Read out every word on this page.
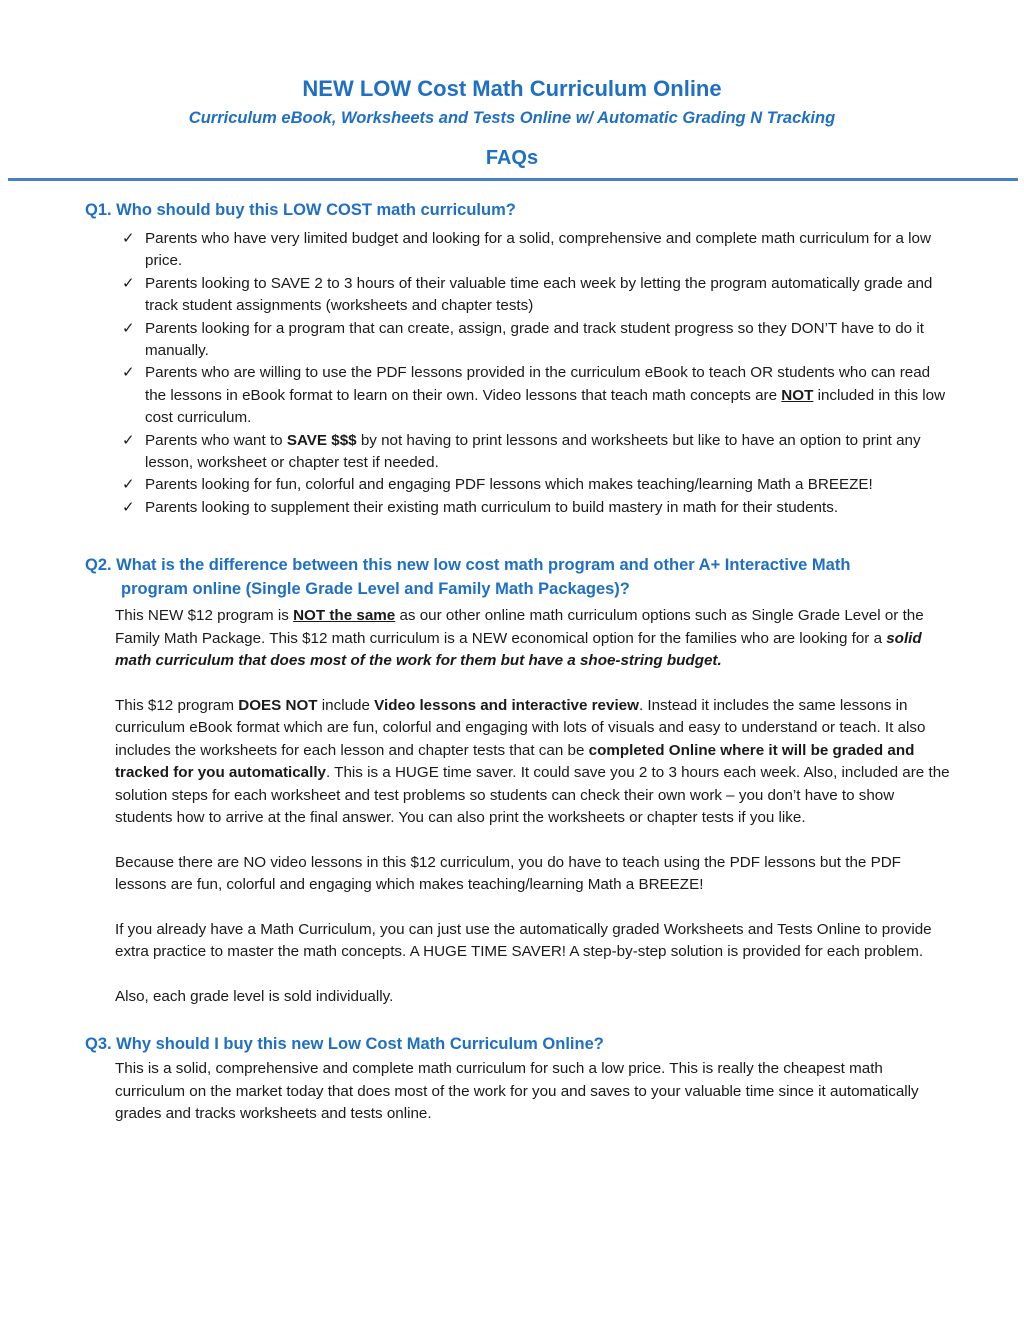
NEW LOW Cost Math Curriculum Online

Curriculum eBook, Worksheets and Tests Online w/ Automatic Grading N Tracking

FAQs

Q1. Who should buy this LOW COST math curriculum?

✓ Parents who have very limited budget and looking for a solid, comprehensive and complete math curriculum for a low price.
✓ Parents looking to SAVE 2 to 3 hours of their valuable time each week by letting the program automatically grade and track student assignments (worksheets and chapter tests)
✓ Parents looking for a program that can create, assign, grade and track student progress so they DON’T have to do it manually.
✓ Parents who are willing to use the PDF lessons provided in the curriculum eBook to teach OR students who can read the lessons in eBook format to learn on their own. Video lessons that teach math concepts are NOT included in this low cost curriculum.
✓ Parents who want to SAVE $$$ by not having to print lessons and worksheets but like to have an option to print any lesson, worksheet or chapter test if needed.
✓ Parents looking for fun, colorful and engaging PDF lessons which makes teaching/learning Math a BREEZE!
✓ Parents looking to supplement their existing math curriculum to build mastery in math for their students.

Q2. What is the difference between this new low cost math program and other A+ Interactive Math
program online (Single Grade Level and Family Math Packages)?

This NEW $12 program is NOT the same as our other online math curriculum options such as Single Grade Level or the Family Math Package. This $12 math curriculum is a NEW economical option for the families who are looking for a solid math curriculum that does most of the work for them but have a shoe-string budget.

This $12 program DOES NOT include Video lessons and interactive review. Instead it includes the same lessons in curriculum eBook format which are fun, colorful and engaging with lots of visuals and easy to understand or teach. It also includes the worksheets for each lesson and chapter tests that can be completed Online where it will be graded and tracked for you automatically. This is a HUGE time saver. It could save you 2 to 3 hours each week. Also, included are the solution steps for each worksheet and test problems so students can check their own work – you don’t have to show students how to arrive at the final answer. You can also print the worksheets or chapter tests if you like.

Because there are NO video lessons in this $12 curriculum, you do have to teach using the PDF lessons but the PDF lessons are fun, colorful and engaging which makes teaching/learning Math a BREEZE!

If you already have a Math Curriculum, you can just use the automatically graded Worksheets and Tests Online to provide extra practice to master the math concepts. A HUGE TIME SAVER! A step-by-step solution is provided for each problem.

Also, each grade level is sold individually.

Q3. Why should I buy this new Low Cost Math Curriculum Online?

This is a solid, comprehensive and complete math curriculum for such a low price. This is really the cheapest math curriculum on the market today that does most of the work for you and saves to your valuable time since it automatically grades and tracks worksheets and tests online.
